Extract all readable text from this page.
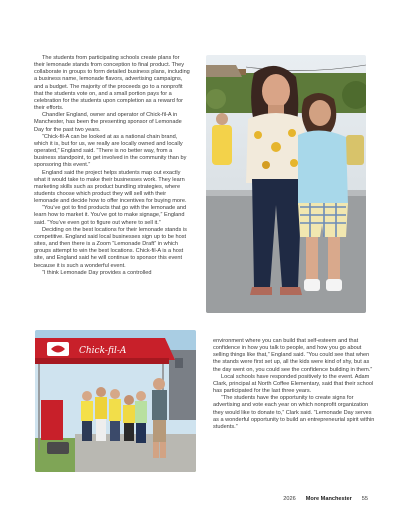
The students from participating schools create plans for their lemonade stands from conception to final product. They collaborate in groups to form detailed business plans, including a business name, lemonade flavors, advertising campaigns, and a budget. The majority of the proceeds go to a nonprofit that the students vote on, and a small portion pays for a celebration for the students upon completion as a reward for their efforts.

Chandler England, owner and operator of Chick-fil-A in Manchester, has been the presenting sponsor of Lemonade Day for the past two years.

“Chick-fil-A can be looked at as a national chain brand, which it is, but for us, we really are locally owned and locally operated,” England said. “There is no better way, from a business standpoint, to get involved in the community than by sponsoring this event.”

England said the project helps students map out exactly what it would take to make their businesses work. They learn marketing skills such as product bundling strategies, where students choose which product they will sell with their lemonade and decide how to offer incentives for buying more.

“You’ve got to find products that go with the lemonade and learn how to market it. You’ve got to make signage,” England said. “You’ve even got to figure out where to sell it.”

Deciding on the best locations for their lemonade stands is competitive. England said local businesses sign up to be host sites, and then there is a Zoom “Lemonade Draft” in which groups attempt to win the best locations. Chick-fil-A is a host site, and England said he will continue to sponsor this event because it is such a wonderful event.

“I think Lemonade Day provides a controlled

Chick-fil-A

environment where you can build that self-esteem and that confidence in how you talk to people, and how you go about selling things like that,” England said. “You could see that when the stands were first set up, all the kids were kind of shy, but as the day went on, you could see the confidence building in them.”

Local schools have responded positively to the event. Adam Clark, principal at North Coffee Elementary, said that their school has participated for the last three years.

“The students have the opportunity to create signs for advertising and vote each year on which nonprofit organization they would like to donate to,” Clark said. “Lemonade Day serves as a wonderful opportunity to build an entrepreneurial spirit within students.”

2026 More Manchester 55
